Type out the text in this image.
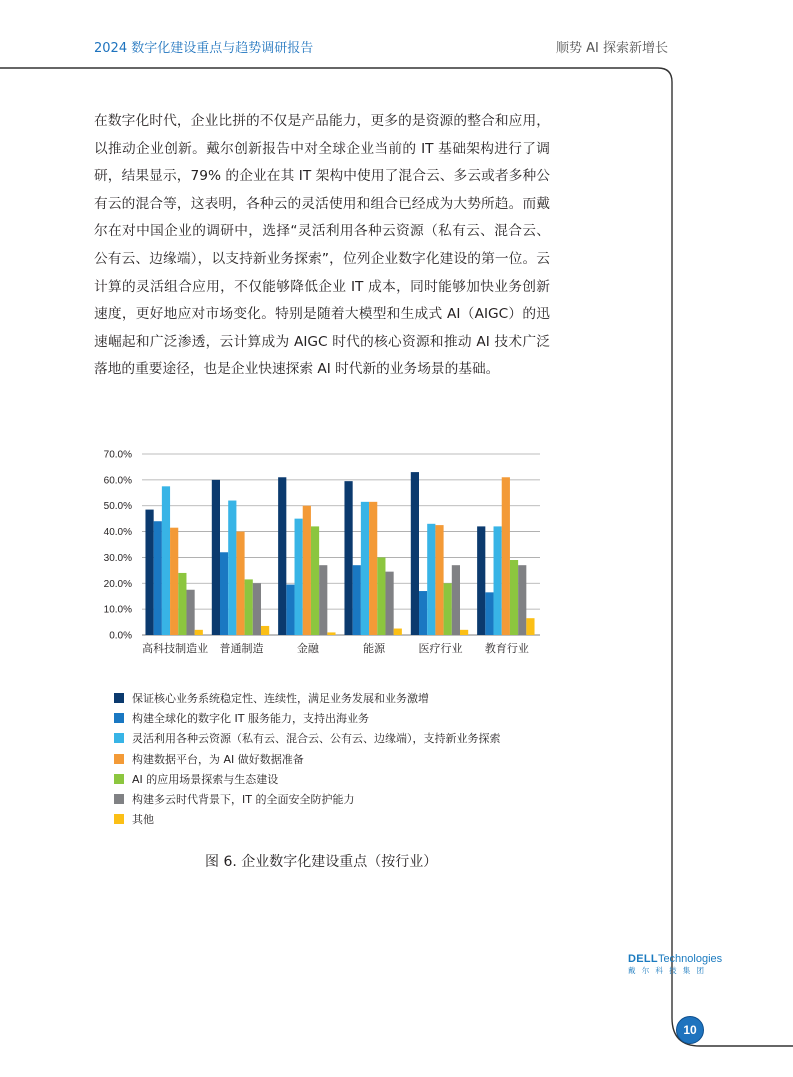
2024 数字化建设重点与趋势调研报告	顺势 AI 探索新增长

在数字化时代，企业比拼的不仅是产品能力，更多的是资源的整合和应用，以推动企业创新。戴尔创新报告中对全球企业当前的 IT 基础架构进行了调研，结果显示，79% 的企业在其 IT 架构中使用了混合云、多云或者多种公有云的混合等，这表明，各种云的灵活使用和组合已经成为大势所趋。而戴尔在对中国企业的调研中，选择“灵活利用各种云资源（私有云、混合云、公有云、边缘端），以支持新业务探索”，位列企业数字化建设的第一位。云计算的灵活组合应用，不仅能够降低企业 IT 成本，同时能够加快业务创新速度，更好地应对市场变化。特别是随着大模型和生成式 AI（AIGC）的迅速崛起和广泛渗透，云计算成为 AIGC 时代的核心资源和推动 AI 技术广泛落地的重要途径，也是企业快速探索 AI 时代新的业务场景的基础。

0.0%
10.0%
20.0%
30.0%
40.0%
50.0%
60.0%
70.0%
高科技制造业 普通制造	金融	能源	医疗行业 教育行业
保证核心业务系统稳定性、连续性，满足业务发展和业务激增
构建全球化的数字化 IT 服务能力，支持出海业务
灵活利用各种云资源（私有云、混合云、公有云、边缘端），支持新业务探索
构建数据平台，为 AI 做好数据准备
AI 的应用场景探索与生态建设
构建多云时代背景下，IT 的全面安全防护能力
其他
图 6. 企业数字化建设重点（按行业）
DELLTechnologies
戴尔科技集团
10
